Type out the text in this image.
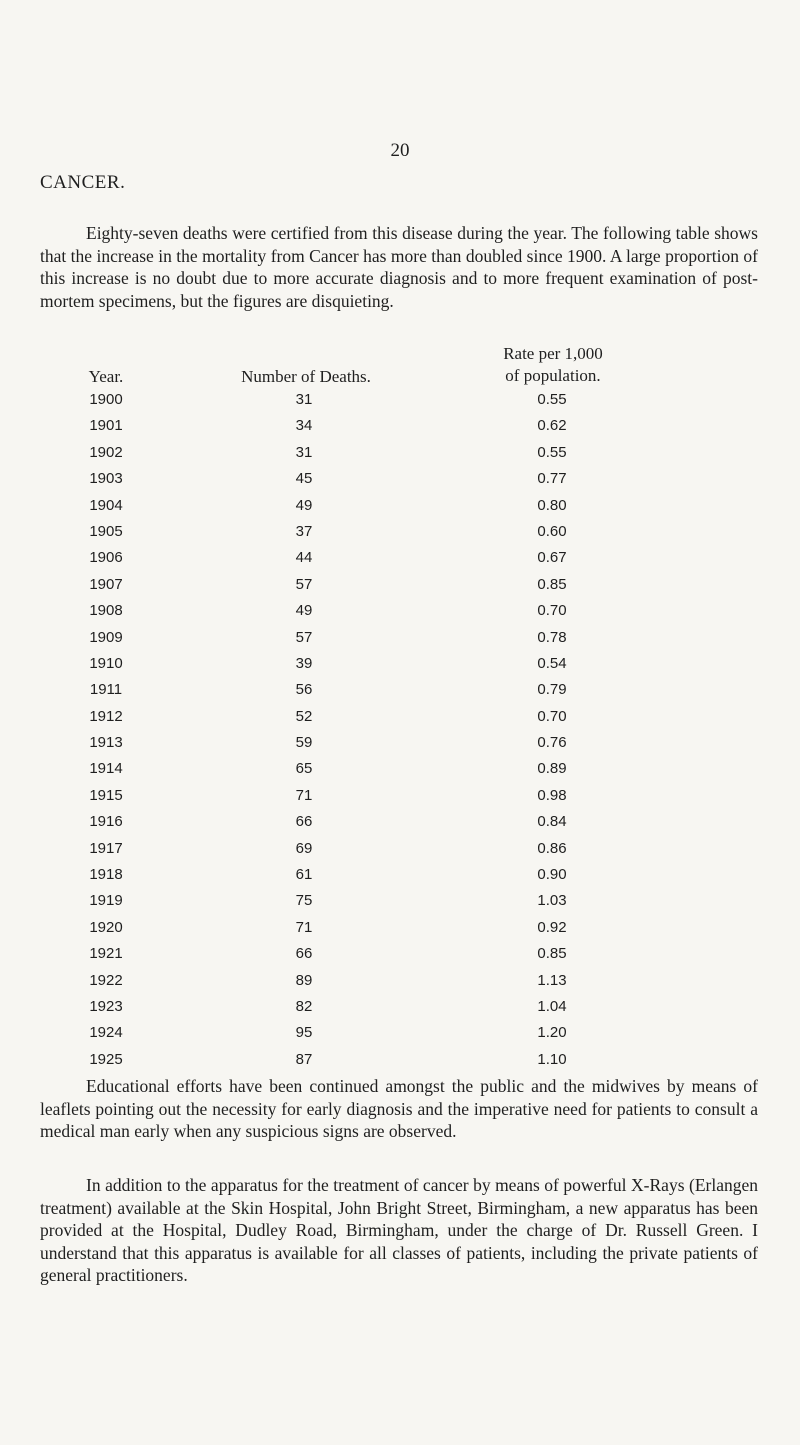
20
CANCER.

Eighty-seven deaths were certified from this disease during the year. The following table shows that the increase in the mortality from Cancer has more than doubled since 1900. A large proportion of this increase is no doubt due to more accurate diagnosis and to more frequent examination of post-mortem specimens, but the figures are disquieting.

Year.	Number of Deaths.
Rate per 1,000
of population.
1900	31	0.55
1901	34	0.62
1902	31	0.55
1903	45	0.77
1904	49	0.80
1905	37	0.60
1906	44	0.67
1907	57	0.85
1908	49	0.70
1909	57	0.78
1910	39	0.54
1911	56	0.79
1912	52	0.70
1913	59	0.76
1914	65	0.89
1915	71	0.98
1916	66	0.84
1917	69	0.86
1918	61	0.90
1919	75	1.03
1920	71	0.92
1921	66	0.85
1922	89	1.13
1923	82	1.04
1924	95	1.20
1925	87	1.10

Educational efforts have been continued amongst the public and the midwives by means of leaflets pointing out the necessity for early diagnosis and the imperative need for patients to consult a medical man early when any suspicious signs are observed.

In addition to the apparatus for the treatment of cancer by means of powerful X-Rays (Erlangen treatment) available at the Skin Hospital, John Bright Street, Birmingham, a new apparatus has been provided at the Hospital, Dudley Road, Birmingham, under the charge of Dr. Russell Green. I understand that this apparatus is available for all classes of patients, including the private patients of general practitioners.
